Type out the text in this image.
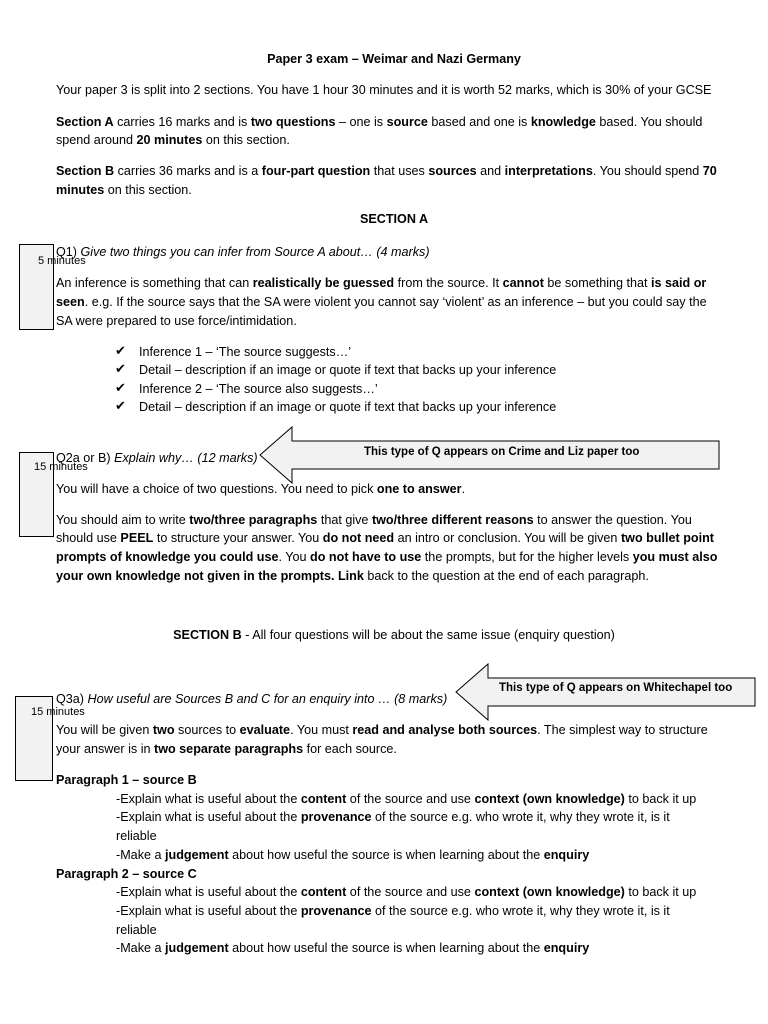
Paper 3 exam – Weimar and Nazi Germany
Your paper 3 is split into 2 sections. You have 1 hour 30 minutes and it is worth 52 marks, which is 30% of your GCSE
Section A carries 16 marks and is two questions – one is source based and one is knowledge based. You should
spend around 20 minutes on this section.
Section B carries 36 marks and is a four-part question that uses sources and interpretations. You should spend 70
minutes on this section.
SECTION A
5 minutes
Q1) Give two things you can infer from Source A about… (4 marks)
An inference is something that can realistically be guessed from the source. It cannot be something that is said or
seen. e.g. If the source says that the SA were violent you cannot say ‘violent’ as an inference – but you could say the
SA were prepared to use force/intimidation.
✔ Inference 1 – ‘The source suggests…’
✔ Detail – description if an image or quote if text that backs up your inference
✔ Inference 2 – ‘The source also suggests…’
✔ Detail – description if an image or quote if text that backs up your inference
15 minutes
Q2a or B) Explain why… (12 marks)	This type of Q appears on Crime and Liz paper too
You will have a choice of two questions. You need to pick one to answer.
You should aim to write two/three paragraphs that give two/three different reasons to answer the question. You
should use PEEL to structure your answer. You do not need an intro or conclusion. You will be given two bullet point
prompts of knowledge you could use. You do not have to use the prompts, but for the higher levels you must also
your own knowledge not given in the prompts. Link back to the question at the end of each paragraph.
SECTION B - All four questions will be about the same issue (enquiry question)
This type of Q appears on Whitechapel too
15 minutes
Q3a) How useful are Sources B and C for an enquiry into … (8 marks)
You will be given two sources to evaluate. You must read and analyse both sources. The simplest way to structure
your answer is in two separate paragraphs for each source.
Paragraph 1 – source B
-Explain what is useful about the content of the source and use context (own knowledge) to back it up
-Explain what is useful about the provenance of the source e.g. who wrote it, why they wrote it, is it
reliable
-Make a judgement about how useful the source is when learning about the enquiry
Paragraph 2 – source C
-Explain what is useful about the content of the source and use context (own knowledge) to back it up
-Explain what is useful about the provenance of the source e.g. who wrote it, why they wrote it, is it
reliable
-Make a judgement about how useful the source is when learning about the enquiry
